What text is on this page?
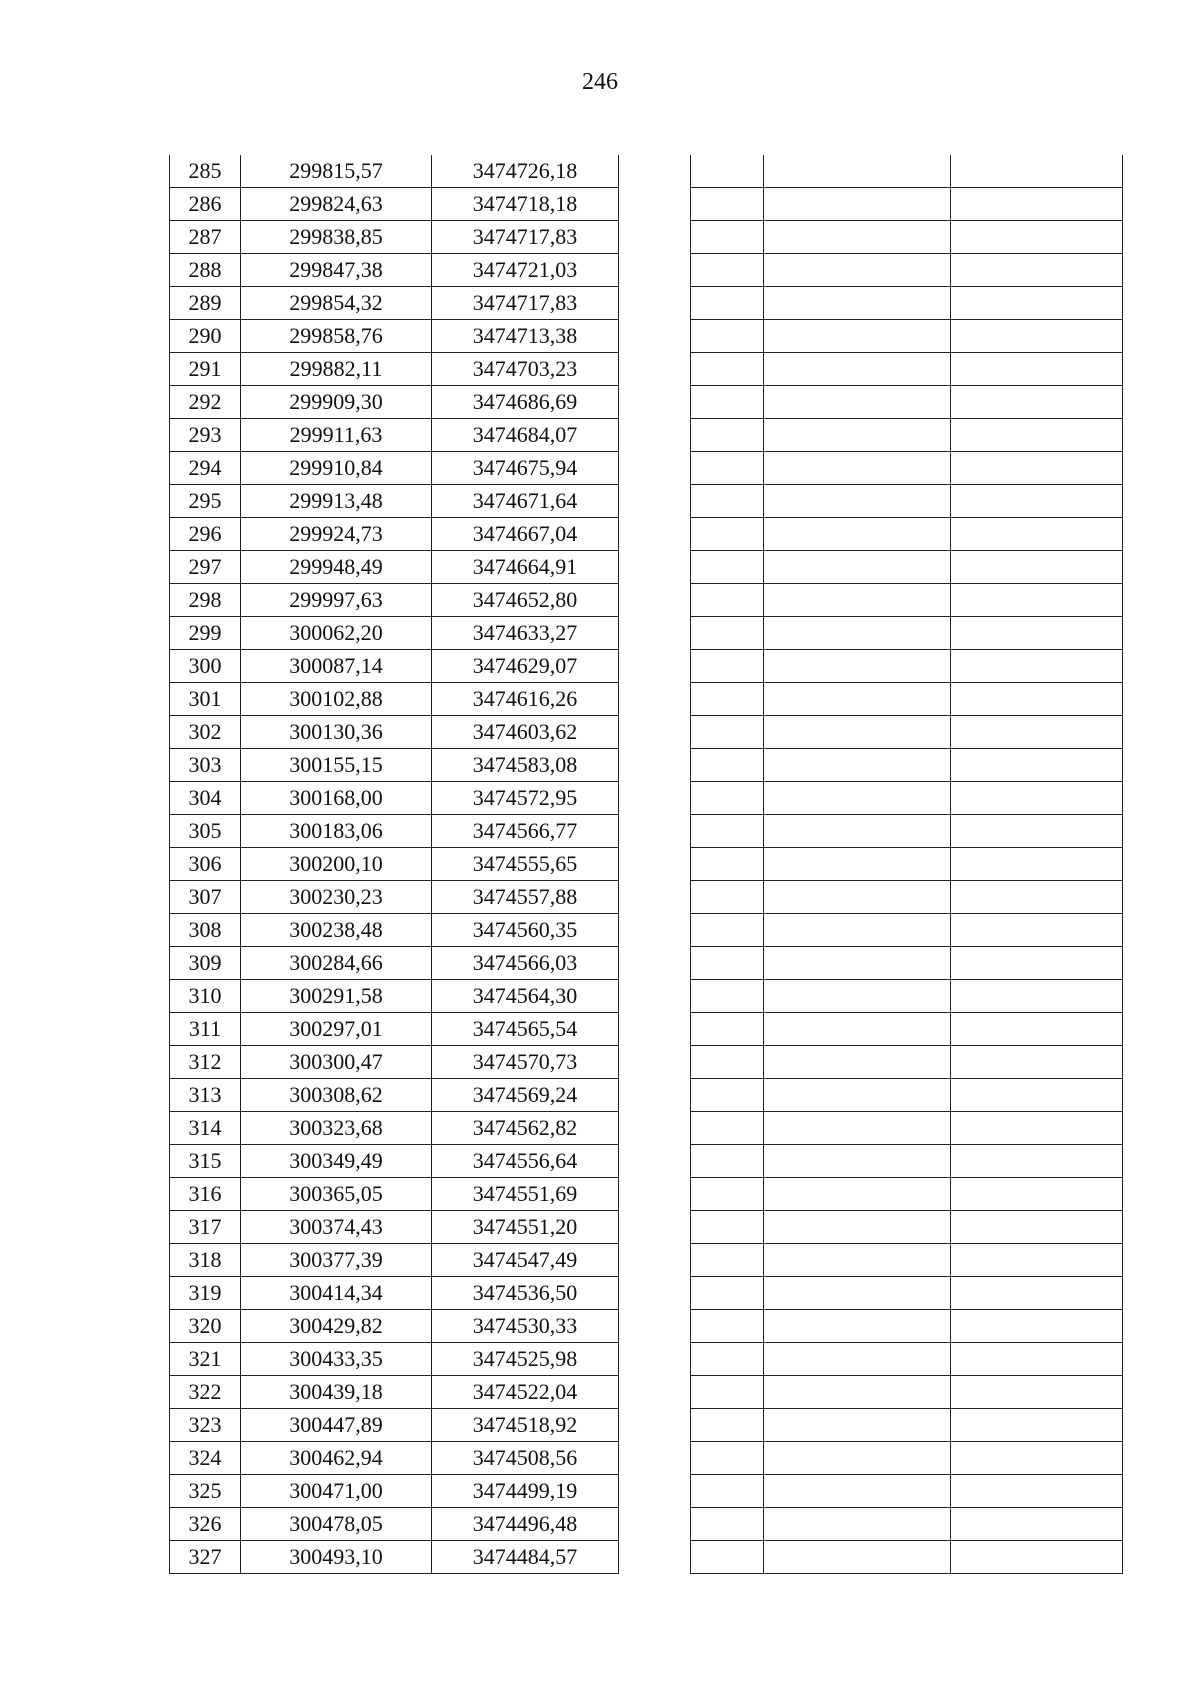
246
285	299815,57	3474726,18
286	299824,63	3474718,18
287	299838,85	3474717,83
288	299847,38	3474721,03
289	299854,32	3474717,83
290	299858,76	3474713,38
291	299882,11	3474703,23
292	299909,30	3474686,69
293	299911,63	3474684,07
294	299910,84	3474675,94
295	299913,48	3474671,64
296	299924,73	3474667,04
297	299948,49	3474664,91
298	299997,63	3474652,80
299	300062,20	3474633,27
300	300087,14	3474629,07
301	300102,88	3474616,26
302	300130,36	3474603,62
303	300155,15	3474583,08
304	300168,00	3474572,95
305	300183,06	3474566,77
306	300200,10	3474555,65
307	300230,23	3474557,88
308	300238,48	3474560,35
309	300284,66	3474566,03
310	300291,58	3474564,30
311	300297,01	3474565,54
312	300300,47	3474570,73
313	300308,62	3474569,24
314	300323,68	3474562,82
315	300349,49	3474556,64
316	300365,05	3474551,69
317	300374,43	3474551,20
318	300377,39	3474547,49
319	300414,34	3474536,50
320	300429,82	3474530,33
321	300433,35	3474525,98
322	300439,18	3474522,04
323	300447,89	3474518,92
324	300462,94	3474508,56
325	300471,00	3474499,19
326	300478,05	3474496,48
327	300493,10	3474484,57
